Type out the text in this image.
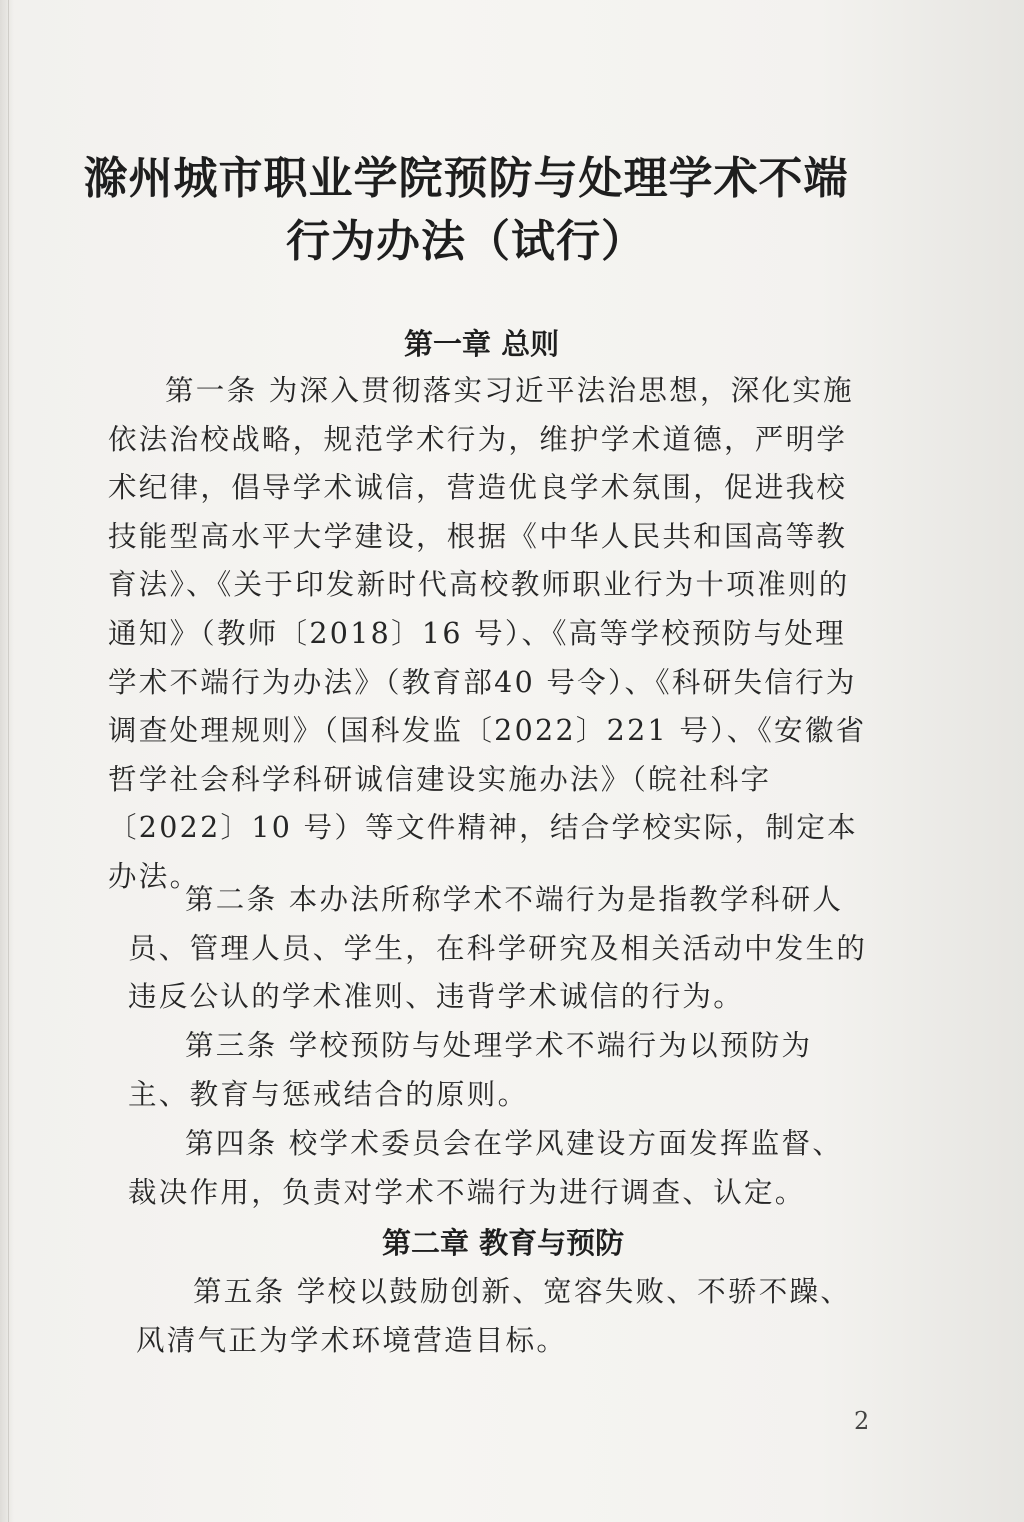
滁州城市职业学院预防与处理学术不端
行为办法（试行）
第一章 总则

第一条 为深入贯彻落实习近平法治思想，深化实施依法治校战略，规范学术行为，维护学术道德，严明学术纪律，倡导学术诚信，营造优良学术氛围，促进我校技能型高水平大学建设，根据《中华人民共和国高等教育法》、《关于印发新时代高校教师职业行为十项准则的通知》（教师〔2018〕16 号）、《高等学校预防与处理学术不端行为办法》（教育部40 号令）、《科研失信行为调查处理规则》（国科发监〔2022〕221 号）、《安徽省哲学社会科学科研诚信建设实施办法》（皖社科字〔2022〕10 号）等文件精神，结合学校实际，制定本办法。

第二条 本办法所称学术不端行为是指教学科研人员、管理人员、学生，在科学研究及相关活动中发生的违反公认的学术准则、违背学术诚信的行为。

第三条 学校预防与处理学术不端行为以预防为主、教育与惩戒结合的原则。

第四条 校学术委员会在学风建设方面发挥监督、裁决作用，负责对学术不端行为进行调查、认定。

第二章 教育与预防

第五条 学校以鼓励创新、宽容失败、不骄不躁、风清气正为学术环境营造目标。

2
